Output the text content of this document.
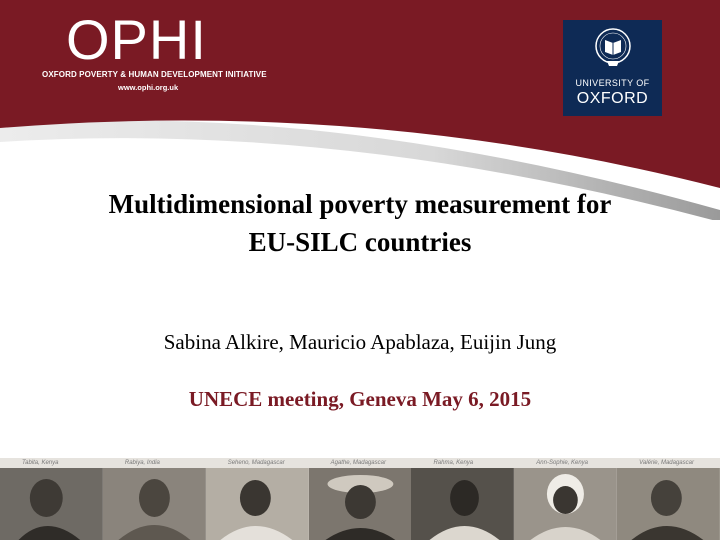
OPHI
OXFORD POVERTY & HUMAN DEVELOPMENT INITIATIVE
www.ophi.org.uk	UNIVERSITY OF
OXFORD
Multidimensional poverty measurement for
EU-SILC countries
Sabina Alkire, Mauricio Apablaza, Euijin Jung
UNECE meeting, Geneva May 6, 2015
Tabita, Kenya	Rabiya, India	Seheno, Madagascar	Agathe, Madagascar	Rahma, Kenya	Ann-Sophie, Kenya	Valérie, Madagascar
